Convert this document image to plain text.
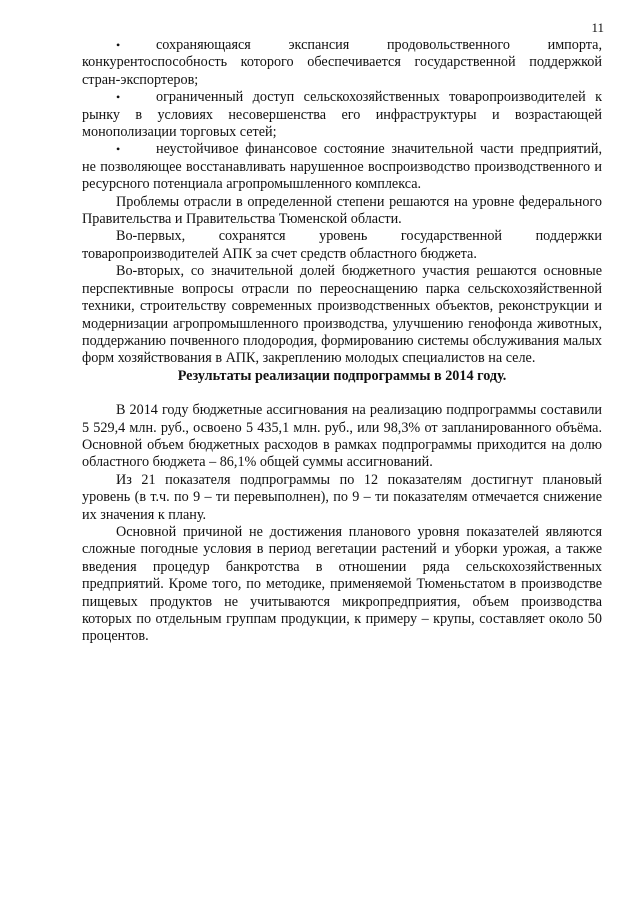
11

•	сохраняющаяся экспансия продовольственного импорта, конкурентоспособность которого обеспечивается государственной поддержкой стран-экспортеров;

•	ограниченный доступ сельскохозяйственных товаропроизводителей к рынку в условиях несовершенства его инфраструктуры и возрастающей монополизации торговых сетей;

•	неустойчивое финансовое состояние значительной части предприятий, не позволяющее восстанавливать нарушенное воспроизводство производственного и ресурсного потенциала агропромышленного комплекса.

Проблемы отрасли в определенной степени решаются на уровне федерального Правительства и Правительства Тюменской области.

Во-первых, сохранятся уровень государственной поддержки товаропроизводителей АПК за счет средств областного бюджета.

Во-вторых, со значительной долей бюджетного участия решаются основные перспективные вопросы отрасли по переоснащению парка сельскохозяйственной техники, строительству современных производственных объектов, реконструкции и модернизации агропромышленного производства, улучшению генофонда животных, поддержанию почвенного плодородия, формированию системы обслуживания малых форм хозяйствования в АПК, закреплению молодых специалистов на селе.

Результаты реализации подпрограммы в 2014 году.

В 2014 году бюджетные ассигнования на реализацию подпрограммы составили 5 529,4 млн. руб., освоено 5 435,1 млн. руб., или 98,3% от запланированного объёма. Основной объем бюджетных расходов в рамках подпрограммы приходится на долю областного бюджета – 86,1% общей суммы ассигнований.

Из 21 показателя подпрограммы по 12 показателям достигнут плановый уровень (в т.ч. по 9 – ти перевыполнен), по 9 – ти показателям отмечается снижение их значения к плану.

Основной причиной не достижения планового уровня показателей являются сложные погодные условия в период вегетации растений и уборки урожая, а также введения процедур банкротства в отношении ряда сельскохозяйственных предприятий. Кроме того, по методике, применяемой Тюменьстатом в производстве пищевых продуктов не учитываются микропредприятия, объем производства которых по отдельным группам продукции, к примеру – крупы, составляет около 50 процентов.
